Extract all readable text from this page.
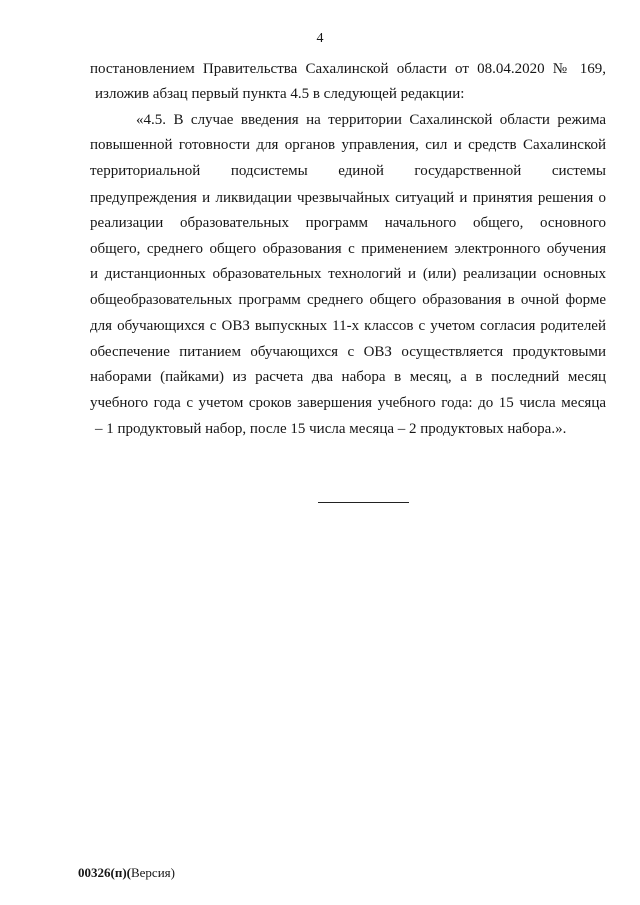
4
постановлением Правительства Сахалинской области от 08.04.2020 № 169,
изложив абзац первый пункта 4.5 в следующей редакции:
«4.5. В случае введения на территории Сахалинской области режима
повышенной готовности для органов управления, сил и средств Сахалинской
территориальной подсистемы единой государственной системы
предупреждения и ликвидации чрезвычайных ситуаций и принятия решения о
реализации образовательных программ начального общего, основного
общего, среднего общего образования с применением электронного обучения
и дистанционных образовательных технологий и (или) реализации основных
общеобразовательных программ среднего общего образования в очной форме
для обучающихся с ОВЗ выпускных 11-х классов с учетом согласия родителей
обеспечение питанием обучающихся с ОВЗ осуществляется продуктовыми
наборами (пайками) из расчета два набора в месяц, а в последний месяц
учебного года с учетом сроков завершения учебного года: до 15 числа месяца
– 1 продуктовый набор, после 15 числа месяца – 2 продуктовых набора.».
00326(п)(Версия)
